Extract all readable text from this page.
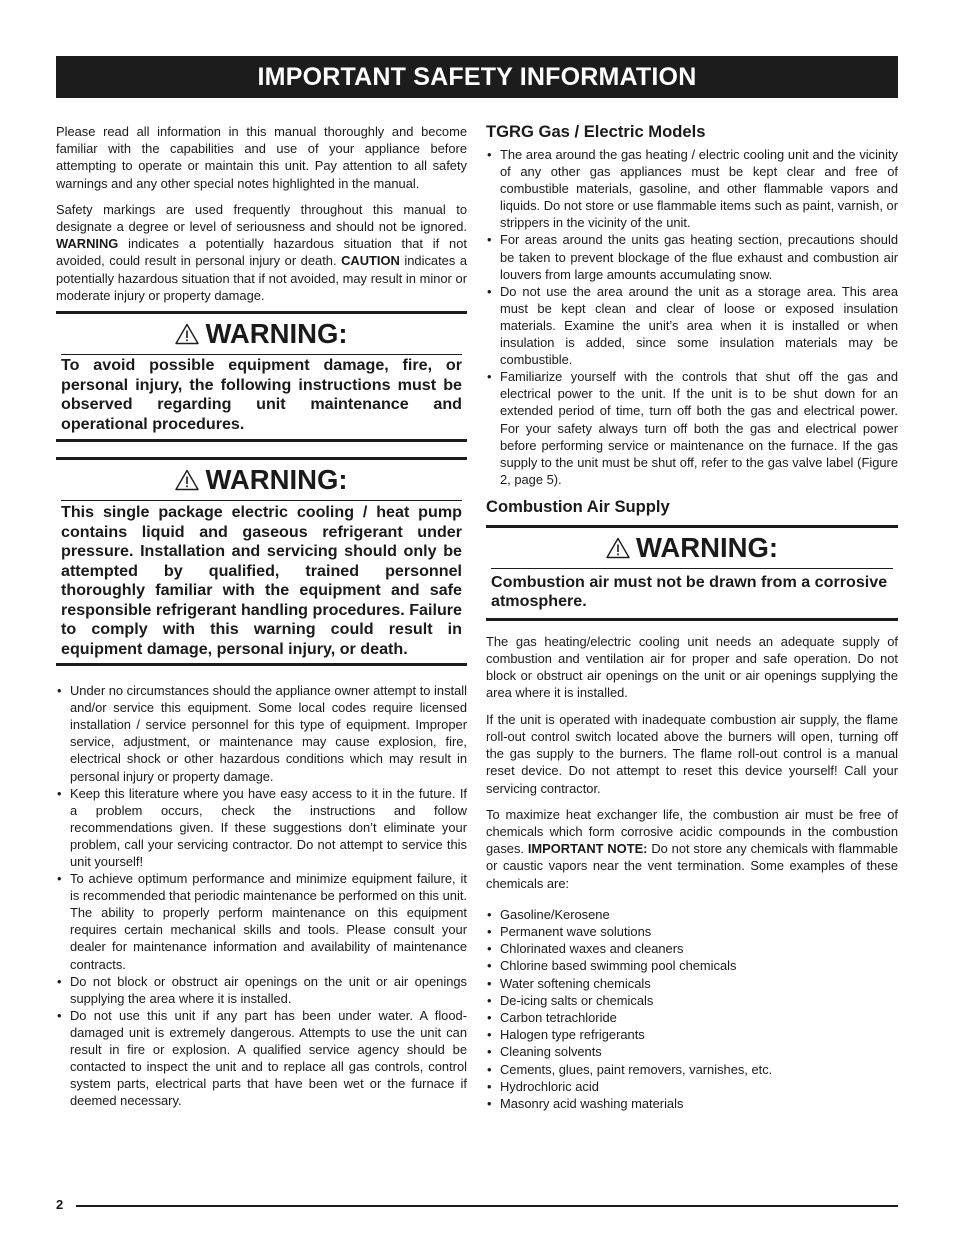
IMPORTANT SAFETY INFORMATION

Please read all information in this manual thoroughly and become familiar with the capabilities and use of your appliance before attempting to operate or maintain this unit. Pay attention to all safety warnings and any other special notes highlighted in the manual.

Safety markings are used frequently throughout this manual to designate a degree or level of seriousness and should not be ignored. WARNING indicates a potentially hazardous situation that if not avoided, could result in personal injury or death. CAUTION indicates a potentially hazardous situation that if not avoided, may result in minor or moderate injury or property damage.

WARNING:

To avoid possible equipment damage, fire, or personal injury, the following instructions must be observed regarding unit maintenance and operational procedures.

WARNING:

This single package electric cooling / heat pump contains liquid and gaseous refrigerant under pressure. Installation and servicing should only be attempted by qualified, trained personnel thoroughly familiar with the equipment and safe responsible refrigerant handling procedures. Failure to comply with this warning could result in equipment damage, personal injury, or death.

• Under no circumstances should the appliance owner attempt to install and/or service this equipment. Some local codes require licensed installation / service personnel for this type of equipment. Improper service, adjustment, or maintenance may cause explosion, fire, electrical shock or other hazardous conditions which may result in personal injury or property damage.
• Keep this literature where you have easy access to it in the future. If a problem occurs, check the instructions and follow recommendations given. If these suggestions don’t eliminate your problem, call your servicing contractor. Do not attempt to service this unit yourself!
• To achieve optimum performance and minimize equipment failure, it is recommended that periodic maintenance be performed on this unit. The ability to properly perform maintenance on this equipment requires certain mechanical skills and tools. Please consult your dealer for maintenance information and availability of maintenance contracts.
• Do not block or obstruct air openings on the unit or air openings supplying the area where it is installed.
• Do not use this unit if any part has been under water. A flood-damaged unit is extremely dangerous. Attempts to use the unit can result in fire or explosion. A qualified service agency should be contacted to inspect the unit and to replace all gas controls, control system parts, electrical parts that have been wet or the furnace if deemed necessary.
TGRG Gas / Electric Models
• The area around the gas heating / electric cooling unit and the vicinity of any other gas appliances must be kept clear and free of combustible materials, gasoline, and other flammable vapors and liquids. Do not store or use flammable items such as paint, varnish, or strippers in the vicinity of the unit.
• For areas around the units gas heating section, precautions should be taken to prevent blockage of the flue exhaust and combustion air louvers from large amounts accumulating snow.
• Do not use the area around the unit as a storage area. This area must be kept clean and clear of loose or exposed insulation materials. Examine the unit’s area when it is installed or when insulation is added, since some insulation materials may be combustible.
• Familiarize yourself with the controls that shut off the gas and electrical power to the unit. If the unit is to be shut down for an extended period of time, turn off both the gas and electrical power. For your safety always turn off both the gas and electrical power before performing service or maintenance on the furnace. If the gas supply to the unit must be shut off, refer to the gas valve label (Figure 2, page 5).
Combustion Air Supply
WARNING:

Combustion air must not be drawn from a corrosive atmosphere.

The gas heating/electric cooling unit needs an adequate supply of combustion and ventilation air for proper and safe operation. Do not block or obstruct air openings on the unit or air openings supplying the area where it is installed.

If the unit is operated with inadequate combustion air supply, the flame roll-out control switch located above the burners will open, turning off the gas supply to the burners. The flame roll-out control is a manual reset device. Do not attempt to reset this device yourself! Call your servicing contractor.

To maximize heat exchanger life, the combustion air must be free of chemicals which form corrosive acidic compounds in the combustion gases. IMPORTANT NOTE: Do not store any chemicals with flammable or caustic vapors near the vent termination. Some examples of these chemicals are:

• Gasoline/Kerosene
• Permanent wave solutions
• Chlorinated waxes and cleaners
• Chlorine based swimming pool chemicals
• Water softening chemicals
• De-icing salts or chemicals
• Carbon tetrachloride
• Halogen type refrigerants
• Cleaning solvents
• Cements, glues, paint removers, varnishes, etc.
• Hydrochloric acid
• Masonry acid washing materials
2
